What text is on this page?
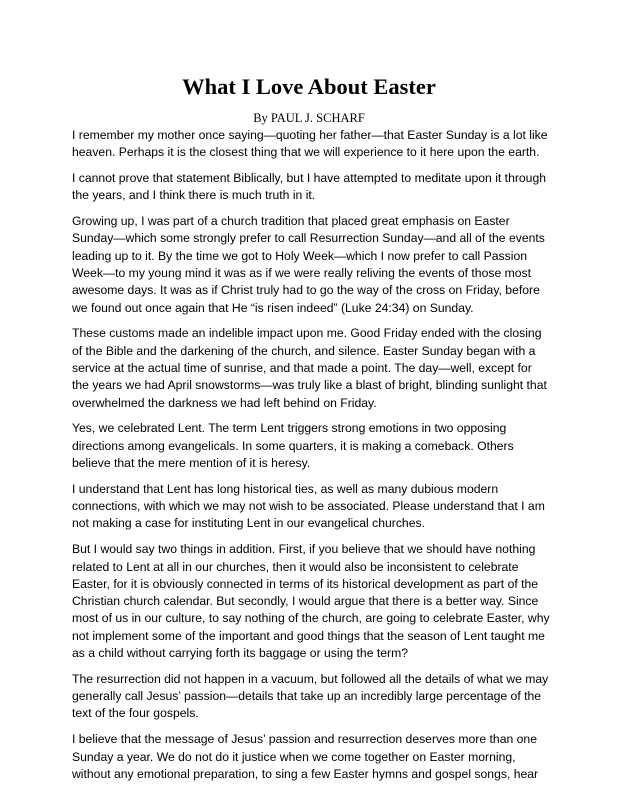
What I Love About Easter
By PAUL J. SCHARF

I remember my mother once saying—quoting her father—that Easter Sunday is a lot like heaven. Perhaps it is the closest thing that we will experience to it here upon the earth.

I cannot prove that statement Biblically, but I have attempted to meditate upon it through the years, and I think there is much truth in it.

Growing up, I was part of a church tradition that placed great emphasis on Easter Sunday—which some strongly prefer to call Resurrection Sunday—and all of the events leading up to it. By the time we got to Holy Week—which I now prefer to call Passion Week—to my young mind it was as if we were really reliving the events of those most awesome days. It was as if Christ truly had to go the way of the cross on Friday, before we found out once again that He “is risen indeed” (Luke 24:34) on Sunday.

These customs made an indelible impact upon me. Good Friday ended with the closing of the Bible and the darkening of the church, and silence. Easter Sunday began with a service at the actual time of sunrise, and that made a point. The day—well, except for the years we had April snowstorms—was truly like a blast of bright, blinding sunlight that overwhelmed the darkness we had left behind on Friday.

Yes, we celebrated Lent. The term Lent triggers strong emotions in two opposing directions among evangelicals. In some quarters, it is making a comeback. Others believe that the mere mention of it is heresy.

I understand that Lent has long historical ties, as well as many dubious modern connections, with which we may not wish to be associated. Please understand that I am not making a case for instituting Lent in our evangelical churches.

But I would say two things in addition. First, if you believe that we should have nothing related to Lent at all in our churches, then it would also be inconsistent to celebrate Easter, for it is obviously connected in terms of its historical development as part of the Christian church calendar. But secondly, I would argue that there is a better way. Since most of us in our culture, to say nothing of the church, are going to celebrate Easter, why not implement some of the important and good things that the season of Lent taught me as a child without carrying forth its baggage or using the term?

The resurrection did not happen in a vacuum, but followed all the details of what we may generally call Jesus’ passion—details that take up an incredibly large percentage of the text of the four gospels.

I believe that the message of Jesus’ passion and resurrection deserves more than one Sunday a year. We do not do it justice when we come together on Easter morning, without any emotional preparation, to sing a few Easter hymns and gospel songs, hear
